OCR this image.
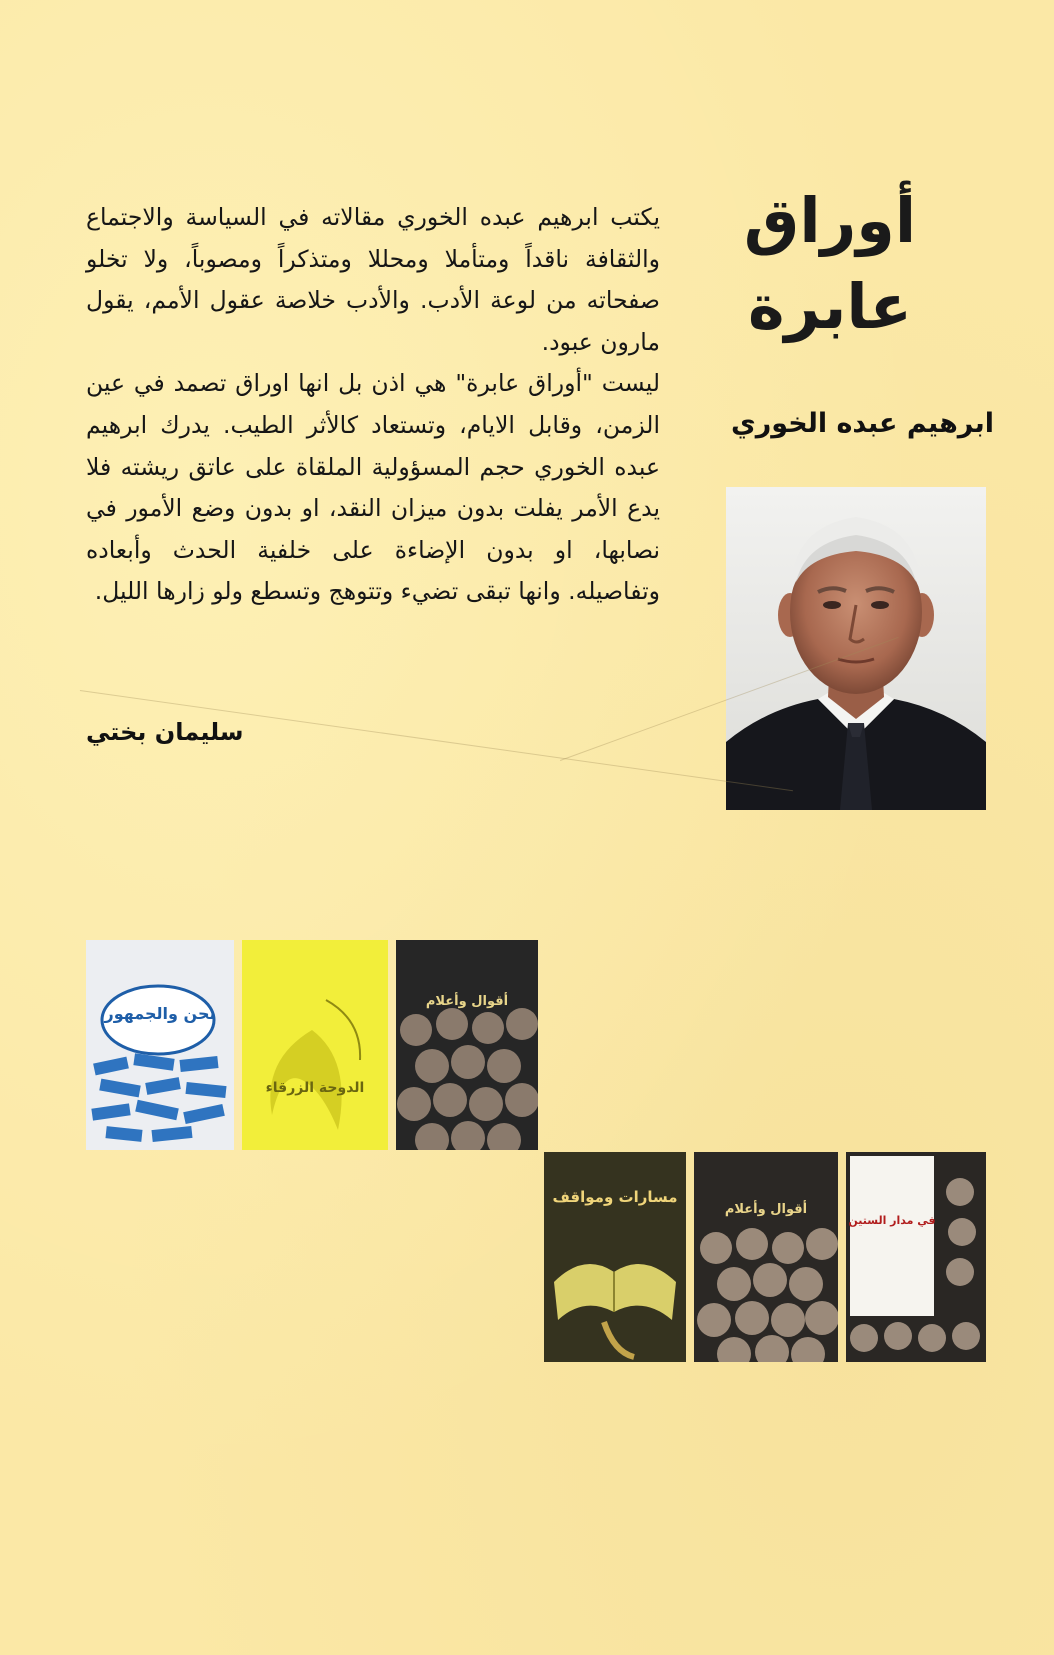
أوراق
عابرة
ابرهيم عبده الخوري

يكتب ابرهيم عبده الخوري مقالاته في السياسة والاجتماع والثقافة ناقداً ومتأملا ومحللا ومتذكراً ومصوباً، ولا تخلو صفحاته من لوعة الأدب. والأدب خلاصة عقول الأمم، يقول مارون عبود.

ليست "أوراق عابرة" هي اذن بل انها اوراق تصمد في عين الزمن، وقابل الايام، وتستعاد كالأثر الطيب. يدرك ابرهيم عبده الخوري حجم المسؤولية الملقاة على عاتق ريشته فلا يدع الأمر يفلت بدون ميزان النقد، او بدون وضع الأمور في نصابها، او بدون الإضاءة على خلفية الحدث وأبعاده وتفاصيله. وانها تبقى تضيء وتتوهج وتسطع ولو زارها الليل.

سليمان بختي
نحن والجمهور
الدوحة الزرقاء
أقوال وأعلام
مسارات ومواقف
أقوال وأعلام
في مدار الستين
